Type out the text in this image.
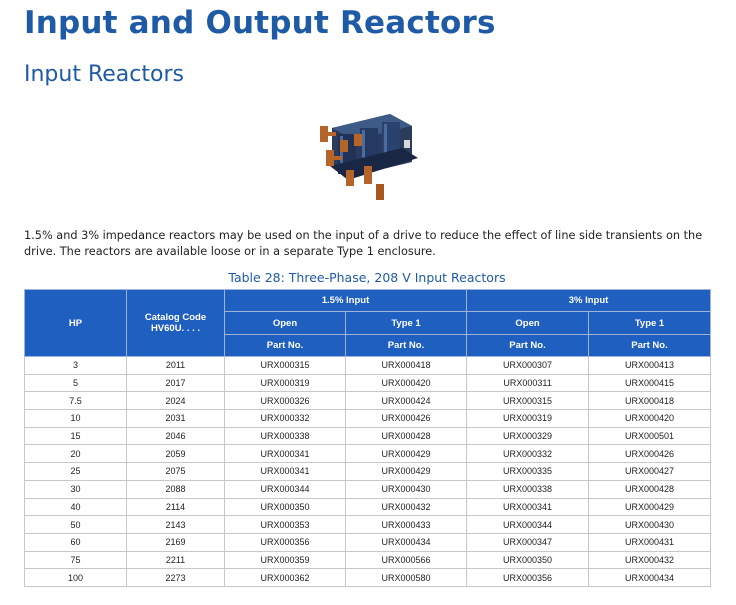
Input and Output Reactors
Input Reactors
1.5% and 3% impedance reactors may be used on the input of a drive to reduce the effect of line side transients on the drive. The reactors are available loose or in a separate Type 1 enclosure.
Table 28: Three-Phase, 208 V Input Reactors
HP	Catalog Code HV60U. . . .	1.5% Input		3% Input	
		Open	Type 1	Open	Type 1
		Part No.	Part No.	Part No.	Part No.
3	2011	URX000315	URX000418	URX000307	URX000413
5	2017	URX000319	URX000420	URX000311	URX000415
7.5	2024	URX000326	URX000424	URX000315	URX000418
10	2031	URX000332	URX000426	URX000319	URX000420
15	2046	URX000338	URX000428	URX000329	URX000501
20	2059	URX000341	URX000429	URX000332	URX000426
25	2075	URX000341	URX000429	URX000335	URX000427
30	2088	URX000344	URX000430	URX000338	URX000428
40	2114	URX000350	URX000432	URX000341	URX000429
50	2143	URX000353	URX000433	URX000344	URX000430
60	2169	URX000356	URX000434	URX000347	URX000431
75	2211	URX000359	URX000566	URX000350	URX000432
100	2273	URX000362	URX000580	URX000356	URX000434
